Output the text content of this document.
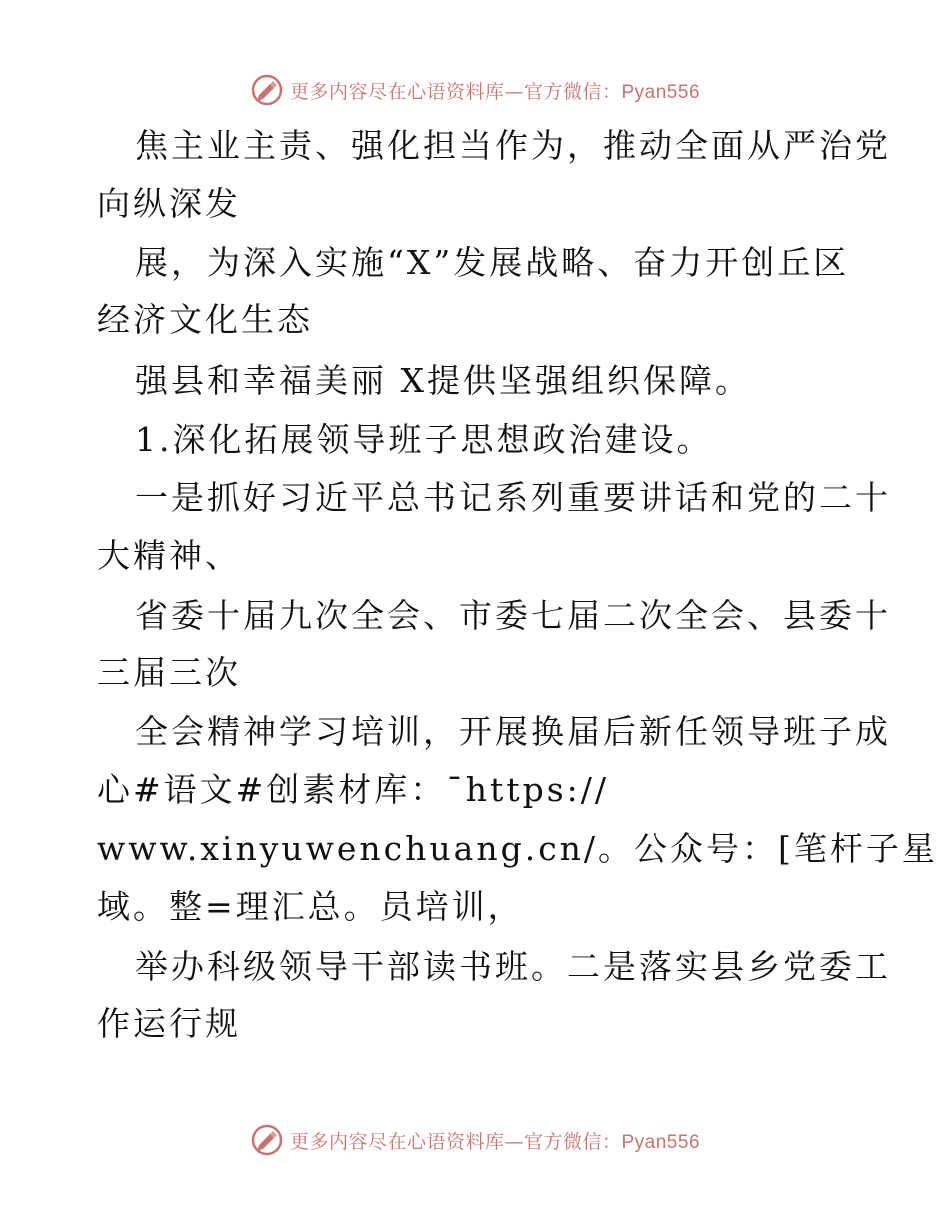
更多内容尽在心语资料库—官方微信：Pyan556
焦主业主责、强化担当作为，推动全面从严治党
向纵深发
展，为深入实施“X”发展战略、奋力开创丘区
经济文化生态
强县和幸福美丽 X提供坚强组织保障。
1.深化拓展领导班子思想政治建设。
一是抓好习近平总书记系列重要讲话和党的二十
大精神、
省委十届九次全会、市委七届二次全会、县委十
三届三次
全会精神学习培训，开展换届后新任领导班子成
心#语文#创素材库：¯https://
www.xinyuwenchuang.cn/。公众号：[笔杆子星
域。整=理汇总。员培训，
举办科级领导干部读书班。二是落实县乡党委工
作运行规
更多内容尽在心语资料库—官方微信：Pyan556
